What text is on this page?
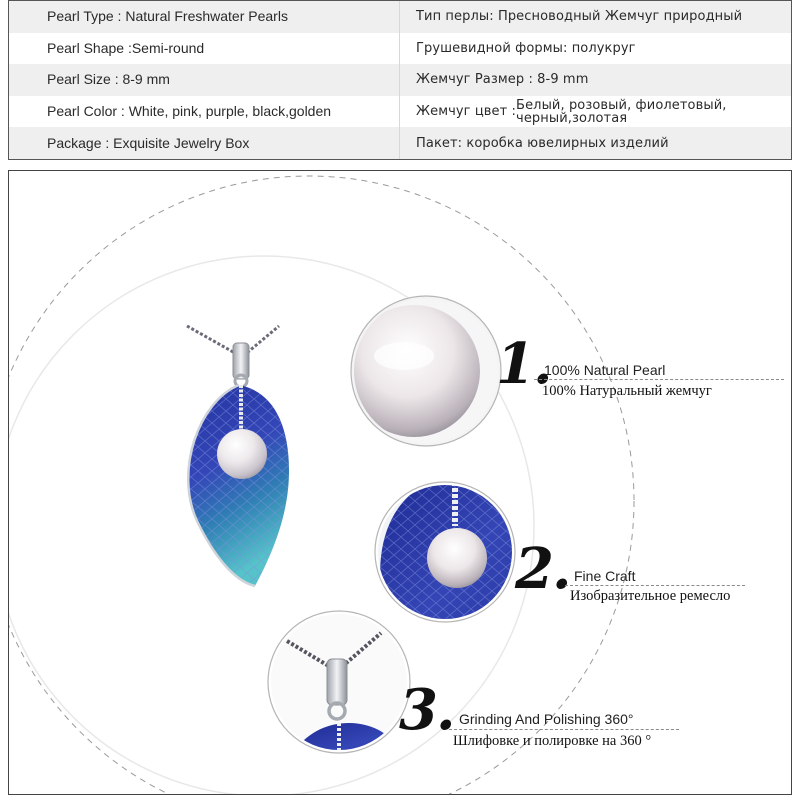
Pearl Type : Natural Freshwater Pearls	Тип перлы: Пресноводный Жемчуг природный
Pearl Shape :Semi-round	Грушевидной формы: полукруг
Pearl Size : 8-9 mm	Жемчуг Размер : 8-9 mm
Pearl Color : White, pink, purple, black,golden	Жемчуг цвет : Белый, розовый, фиолетовый, черный,золотая
Package : Exquisite Jewelry Box	Пакет: коробка ювелирных изделий
1.
100% Natural Pearl
100% Натуральный жемчуг
2. Fine Craft
Изобразительное ремесло
3. Grinding And Polishing 360°
Шлифовке и полировке на 360 °
